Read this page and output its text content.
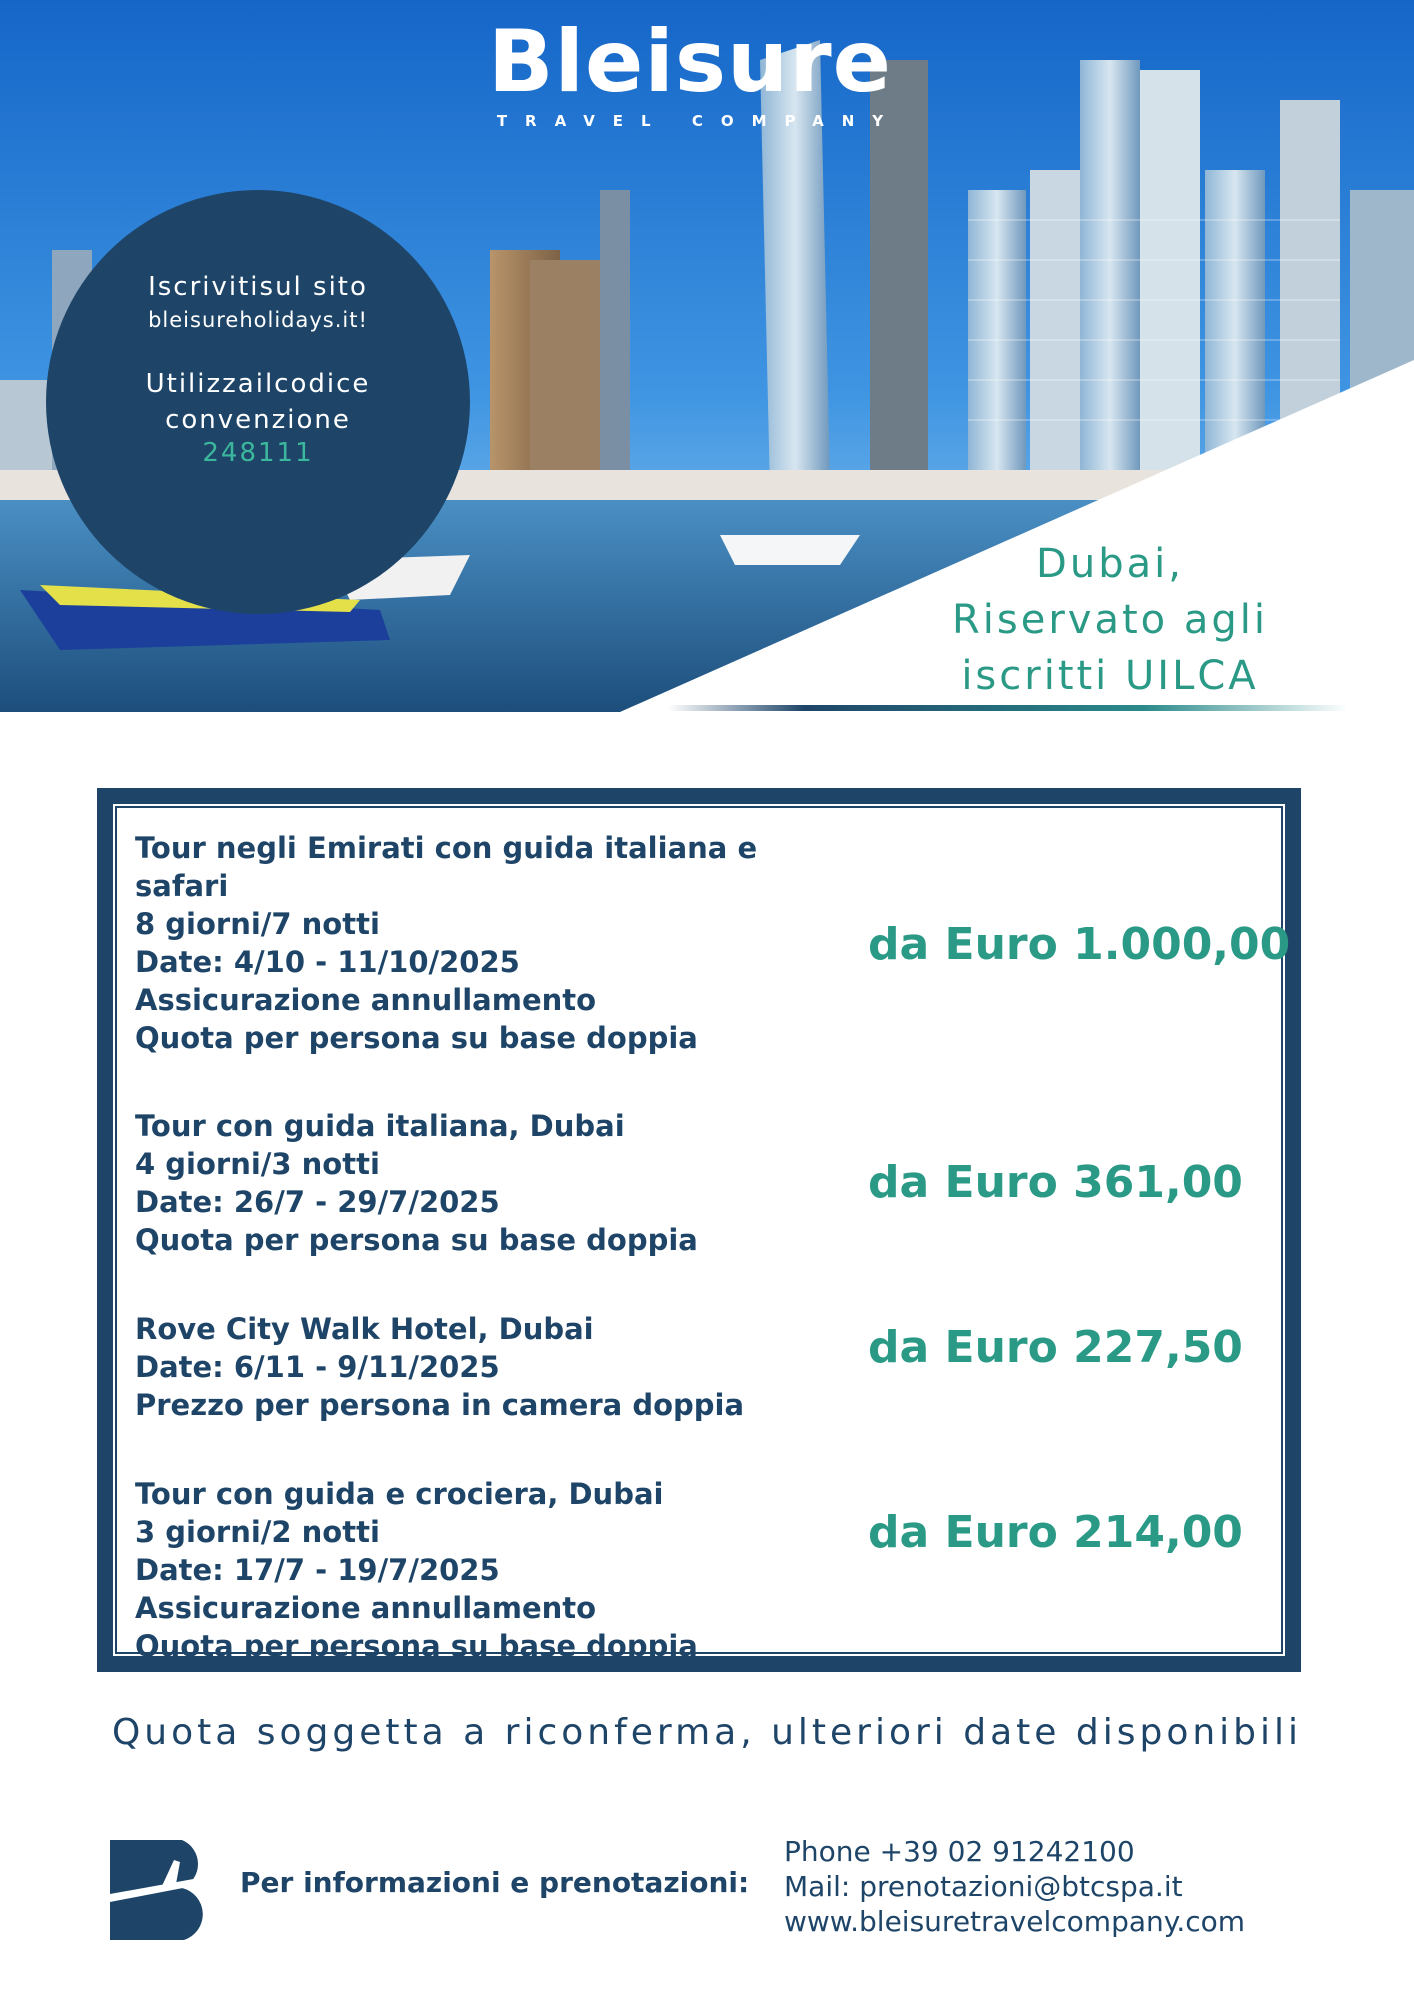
Bleisure
TRAVEL COMPANY
Iscrivitisul sito
bleisureholidays.it!
Utilizzailcodice convenzione
248111
Dubai,
Riservato agli
iscritti UILCA
Tour negli Emirati con guida italiana e
safari
8 giorni/7 notti
Date: 4/10 - 11/10/2025
Assicurazione annullamento
Quota per persona su base doppia
da Euro 1.000,00
Tour con guida italiana, Dubai
4 giorni/3 notti
Date: 26/7 - 29/7/2025
Quota per persona su base doppia
da Euro 361,00
Rove City Walk Hotel, Dubai
Date: 6/11 - 9/11/2025
Prezzo per persona in camera doppia
da Euro 227,50
Tour con guida e crociera, Dubai
3 giorni/2 notti
Date: 17/7 - 19/7/2025
Assicurazione annullamento
Quota per persona su base doppia
da Euro 214,00
Quota soggetta a riconferma, ulteriori date disponibili
Per informazioni e prenotazioni:
Phone +39 02 91242100
Mail: prenotazioni@btcspa.it
www.bleisuretravelcompany.com
